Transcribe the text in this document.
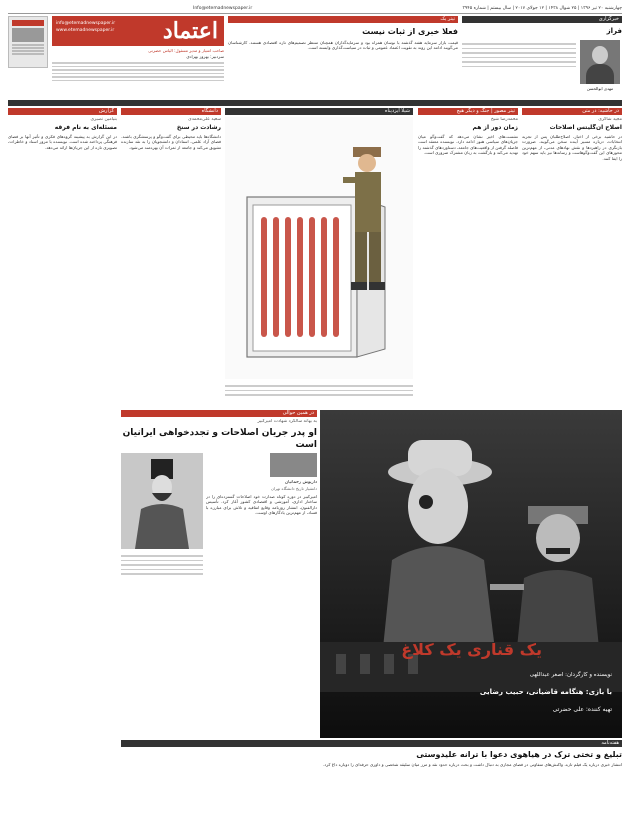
چهارشنبه ۲۰ تیر ۱۳۹۶ | ۲۵ شوال ۱۴۳۸ | ۱۲ جولای ۲۰۱۷ | سال بیستم | شماره ۳۹۴۵
Info@etemadnewspaper.ir
info@etemadnewspaper.ir
www.etemadnewspaper.ir اعتماد
صاحب امتیاز و مدیر مسئول: الیاس حضرتی
سردبیر: بهروز بهزادی
تیتر یک
فعلا خبری از ثبات نیست
قیمت بازار سرمایه هفته گذشته با نوسان همراه بود و سرمایه‌گذاران همچنان منتظر تصمیم‌های تازه اقتصادی هستند. کارشناسان می‌گویند ادامه این روند به تقویت اعتماد عمومی و ثبات در سیاست‌گذاری وابسته است.
خبرگزاری
فراز
مهدی ابوالحسن
در حاشیه: در متن
مجید شاکری
اصلاح آن‌گلیتس اصلاحات
در حاشیه برخی از اخبار، اصلاح‌طلبان پس از تجربه انتخابات، درباره مسیر آینده سخن می‌گویند. ضرورت بازنگری در راهبردها و نقش نهادهای مدنی، از مهم‌ترین محورهای این گفت‌وگوهاست و رسانه‌ها نیز باید سهم خود را ایفا کنند.
تیتر مصور | جنگ و دیگر هیچ
محمدرضا شیخ
زمان دور از هم
نشست‌های اخیر نشان می‌دهد که گفت‌وگو میان جریان‌های سیاسی هنوز ادامه دارد. نویسنده معتقد است فاصله گرفتن از واقعیت‌های جامعه، دستاوردهای گذشته را تهدید می‌کند و بازگشت به زبان مشترک ضروری است.
شیلا ایزدپناه
دانشگاه
سعید علی‌محمدی
رشادت در سنخ
دانشگاه‌ها باید محیطی برای گفت‌وگو و پرسشگری باشند. فضای آزاد علمی، استادان و دانشجویان را به نقد سازنده تشویق می‌کند و جامعه از ثمرات آن بهره‌مند می‌شود.
گزارش
بنیامین نصیری
مسئله‌ای به نام فرقه
در این گزارش به پیشینه گروه‌های فکری و تأثیر آنها بر فضای فرهنگی پرداخته شده است. نویسنده با مرور اسناد و خاطرات، تصویری تازه از این جریان‌ها ارائه می‌دهد.
در همین حوالی
به بهانه سالگرد شهادت امیرکبیر
او پدر جریان اصلاحات و تجددخواهی ایرانیان است
داریوش رحمانیان
دانشیار تاریخ دانشگاه تهران
امیرکبیر در دوره کوتاه صدارت خود اصلاحات گسترده‌ای را در ساختار اداری، آموزشی و اقتصادی کشور آغاز کرد. تأسیس دارالفنون، انتشار روزنامه وقایع اتفاقیه و تلاش برای مبارزه با فساد، از مهم‌ترین یادگارهای اوست.
یک قناری یک کلاغ
نویسنده و کارگردان: اصغر عبداللهی
با بازی: هنگامه قاضیانی، حبیب رضایی
تهیه کننده: علی حضرتی
هفته‌نامه
تبلیغ و تختی ترک در هیاهوی دعوا با ترانه علیدوستی
انتشار خبری درباره یک فیلم تازه، واکنش‌های متفاوتی در فضای مجازی به دنبال داشت و بحث درباره حدود نقد و مرز میان سلیقه شخصی و داوری حرفه‌ای را دوباره داغ کرد.
